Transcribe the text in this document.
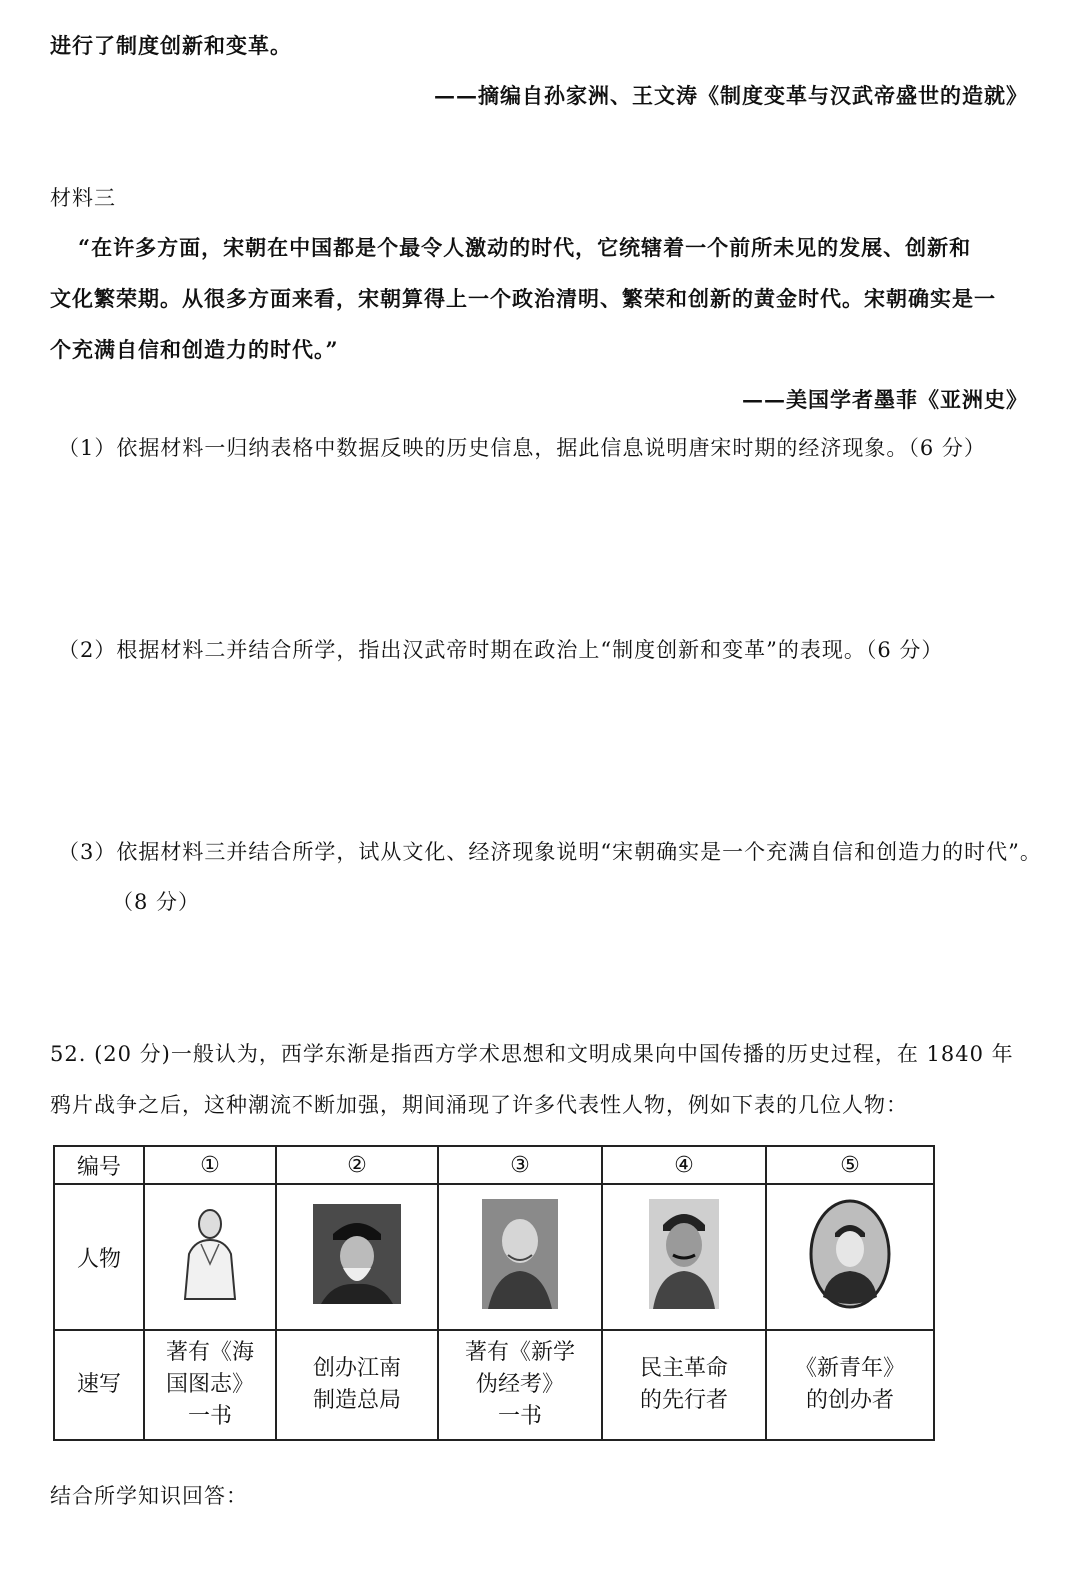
进行了制度创新和变革。
——摘编自孙家洲、王文涛《制度变革与汉武帝盛世的造就》
材料三
“在许多方面，宋朝在中国都是个最令人激动的时代，它统辖着一个前所未见的发展、创新和
文化繁荣期。从很多方面来看，宋朝算得上一个政治清明、繁荣和创新的黄金时代。宋朝确实是一
个充满自信和创造力的时代。”
——美国学者墨菲《亚洲史》
（1）依据材料一归纳表格中数据反映的历史信息，据此信息说明唐宋时期的经济现象。（6 分）
（2）根据材料二并结合所学，指出汉武帝时期在政治上“制度创新和变革”的表现。（6 分）
（3）依据材料三并结合所学，试从文化、经济现象说明“宋朝确实是一个充满自信和创造力的时代”。
（8 分）
52. (20 分)一般认为，西学东渐是指西方学术思想和文明成果向中国传播的历史过程，在 1840 年
鸦片战争之后，这种潮流不断加强，期间涌现了许多代表性人物，例如下表的几位人物：
编号	①	②	③	④	⑤
人物					
速写	著有《海
国图志》
一书	创办江南
制造总局	著有《新学
伪经考》
一书	民主革命
的先行者	《新青年》
的创办者
结合所学知识回答：
